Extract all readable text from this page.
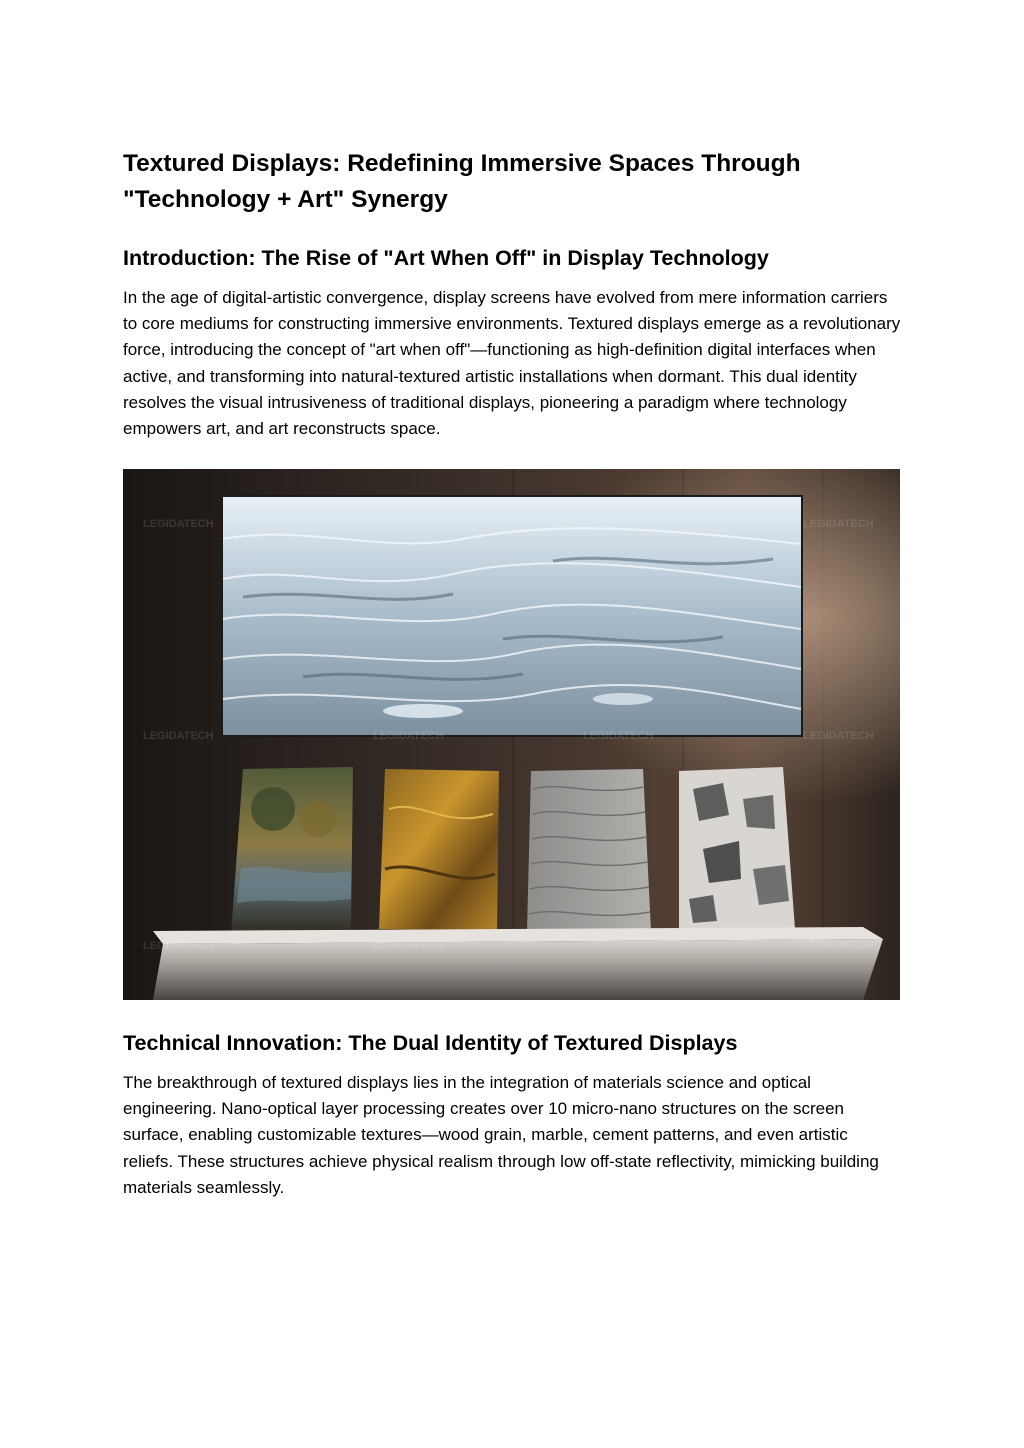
Textured Displays: Redefining Immersive Spaces Through "Technology + Art" Synergy
Introduction: The Rise of "Art When Off" in Display Technology

In the age of digital-artistic convergence, display screens have evolved from mere information carriers to core mediums for constructing immersive environments. Textured displays emerge as a revolutionary force, introducing the concept of "art when off"—functioning as high-definition digital interfaces when active, and transforming into natural-textured artistic installations when dormant. This dual identity resolves the visual intrusiveness of traditional displays, pioneering a paradigm where technology empowers art, and art reconstructs space.

LEGIDATECH	LEGIDATECH
LEGIDATECH	LEGIDATECH	LEGIDATECH	LEGIDATECH
LEGIDATECH	LEGIDATECH	LEGIDATECH
Technical Innovation: The Dual Identity of Textured Displays

The breakthrough of textured displays lies in the integration of materials science and optical engineering. Nano-optical layer processing creates over 10 micro-nano structures on the screen surface, enabling customizable textures—wood grain, marble, cement patterns, and even artistic reliefs. These structures achieve physical realism through low off-state reflectivity, mimicking building materials seamlessly.
